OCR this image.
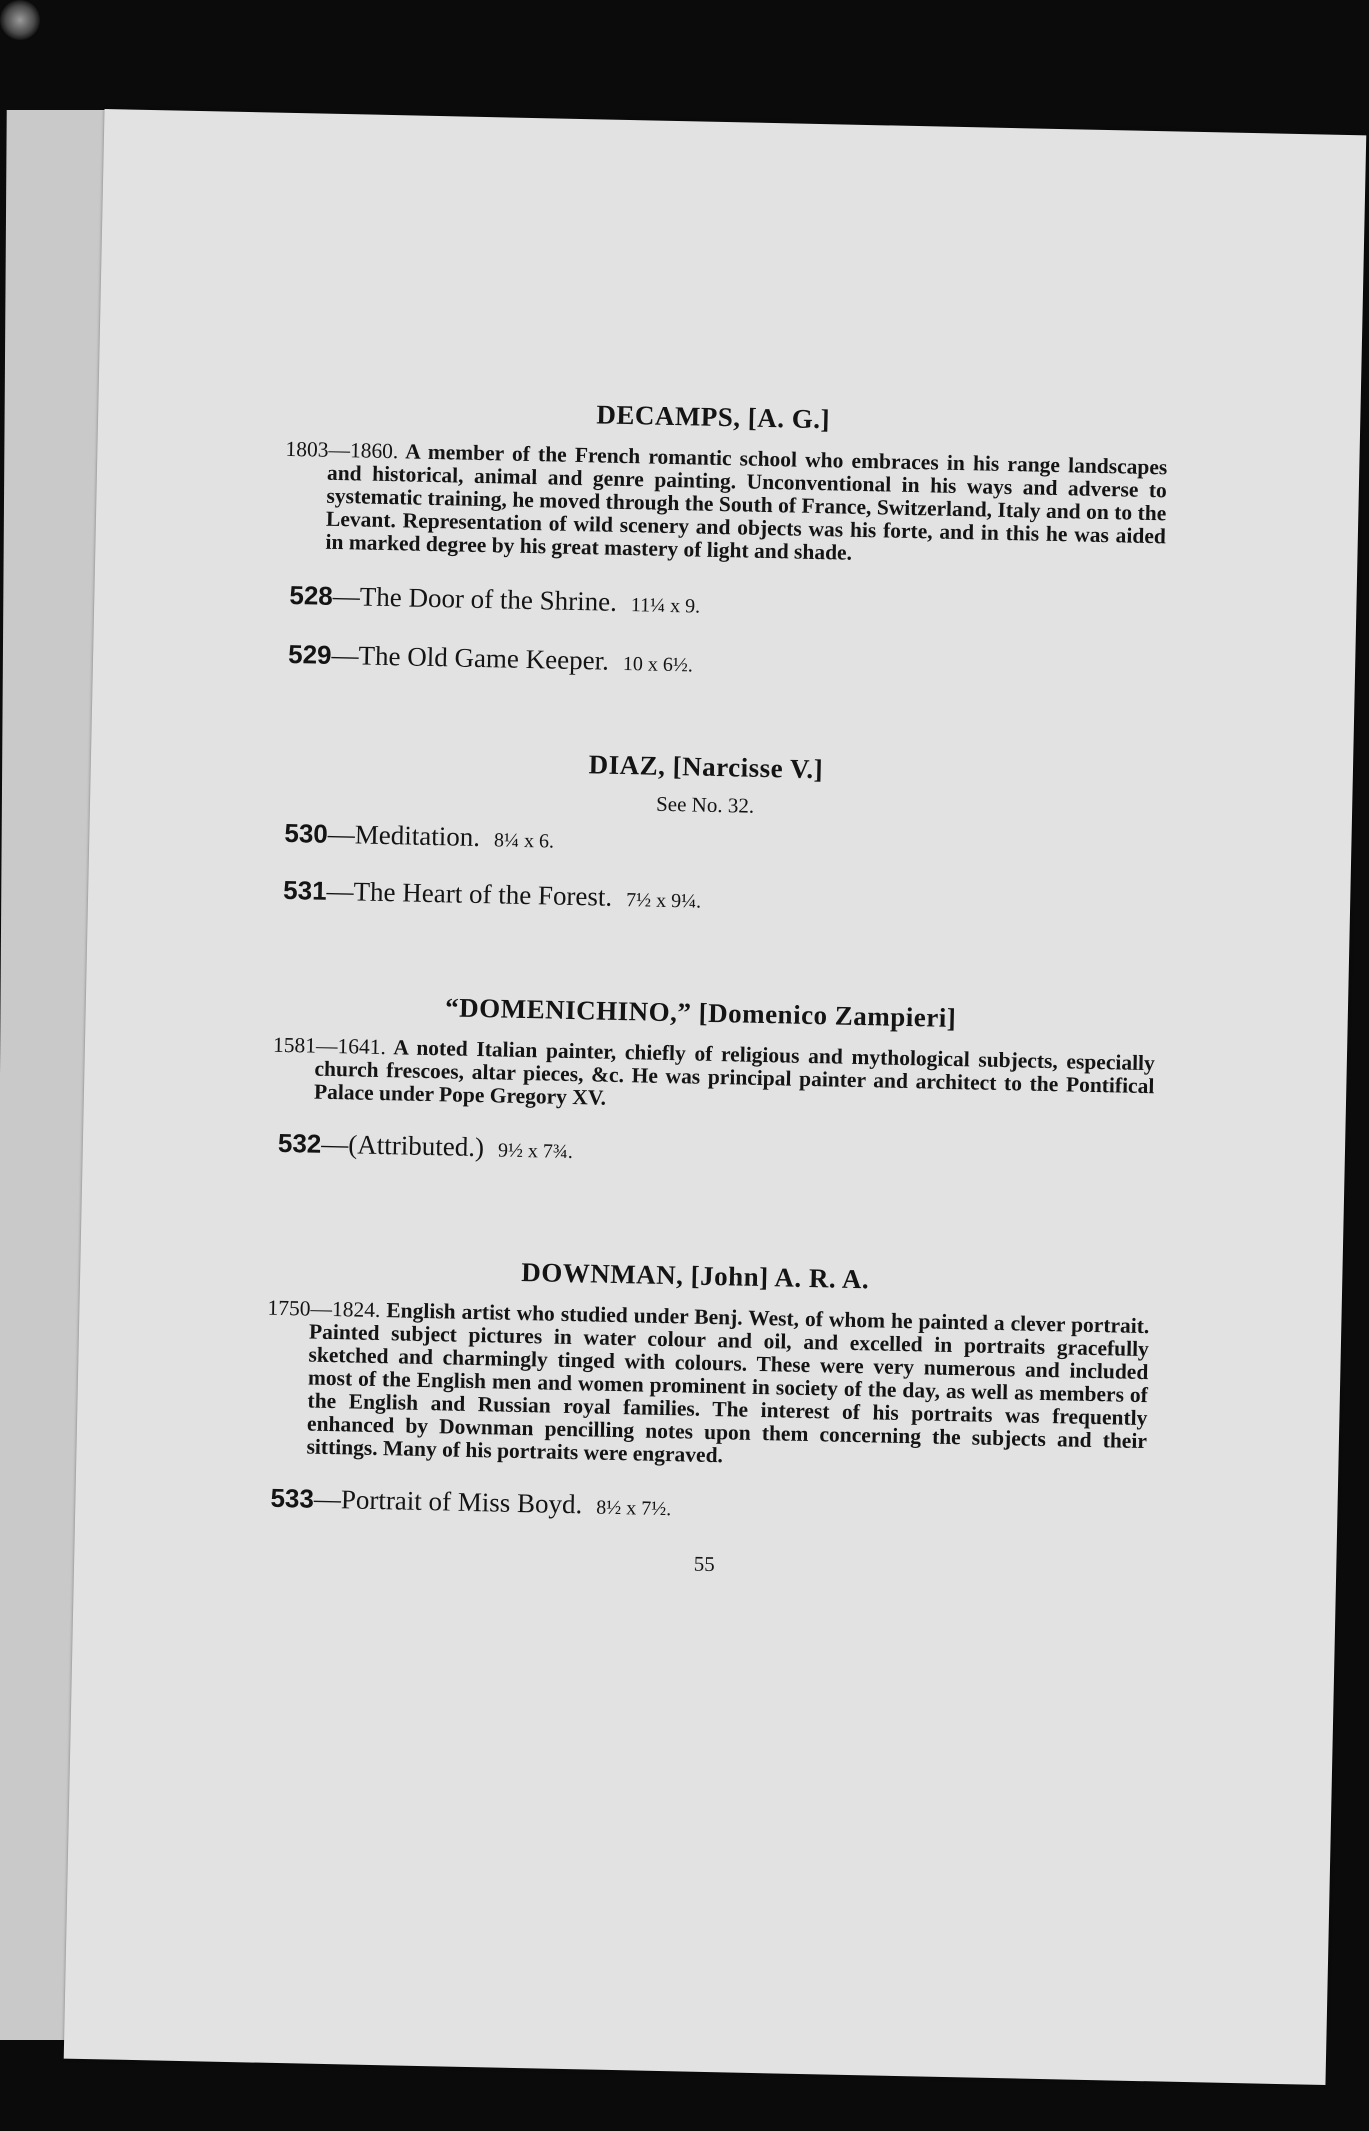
DECAMPS, [A. G.]

1803—1860. A member of the French romantic school who embraces in his range landscapes and historical, animal and genre painting. Unconventional in his ways and adverse to systematic training, he moved through the South of France, Switzerland, Italy and on to the Levant. Representation of wild scenery and objects was his forte, and in this he was aided in marked degree by his great mastery of light and shade.

528—The Door of the Shrine. 11¼ x 9.

529—The Old Game Keeper. 10 x 6½.

DIAZ, [Narcisse V.]

See No. 32.

530—Meditation. 8¼ x 6.

531—The Heart of the Forest. 7½ x 9¼.

“DOMENICHINO,” [Domenico Zampieri]

1581—1641. A noted Italian painter, chiefly of religious and mythological subjects, especially church frescoes, altar pieces, &c. He was principal painter and architect to the Pontifical Palace under Pope Gregory XV.

532—(Attributed.) 9½ x 7¾.

DOWNMAN, [John] A. R. A.

1750—1824. English artist who studied under Benj. West, of whom he painted a clever portrait. Painted subject pictures in water colour and oil, and excelled in portraits gracefully sketched and charmingly tinged with colours. These were very numerous and included most of the English men and women prominent in society of the day, as well as members of the English and Russian royal families. The interest of his portraits was frequently enhanced by Downman pencilling notes upon them concerning the subjects and their sittings. Many of his portraits were engraved.

533—Portrait of Miss Boyd. 8½ x 7½.

55
